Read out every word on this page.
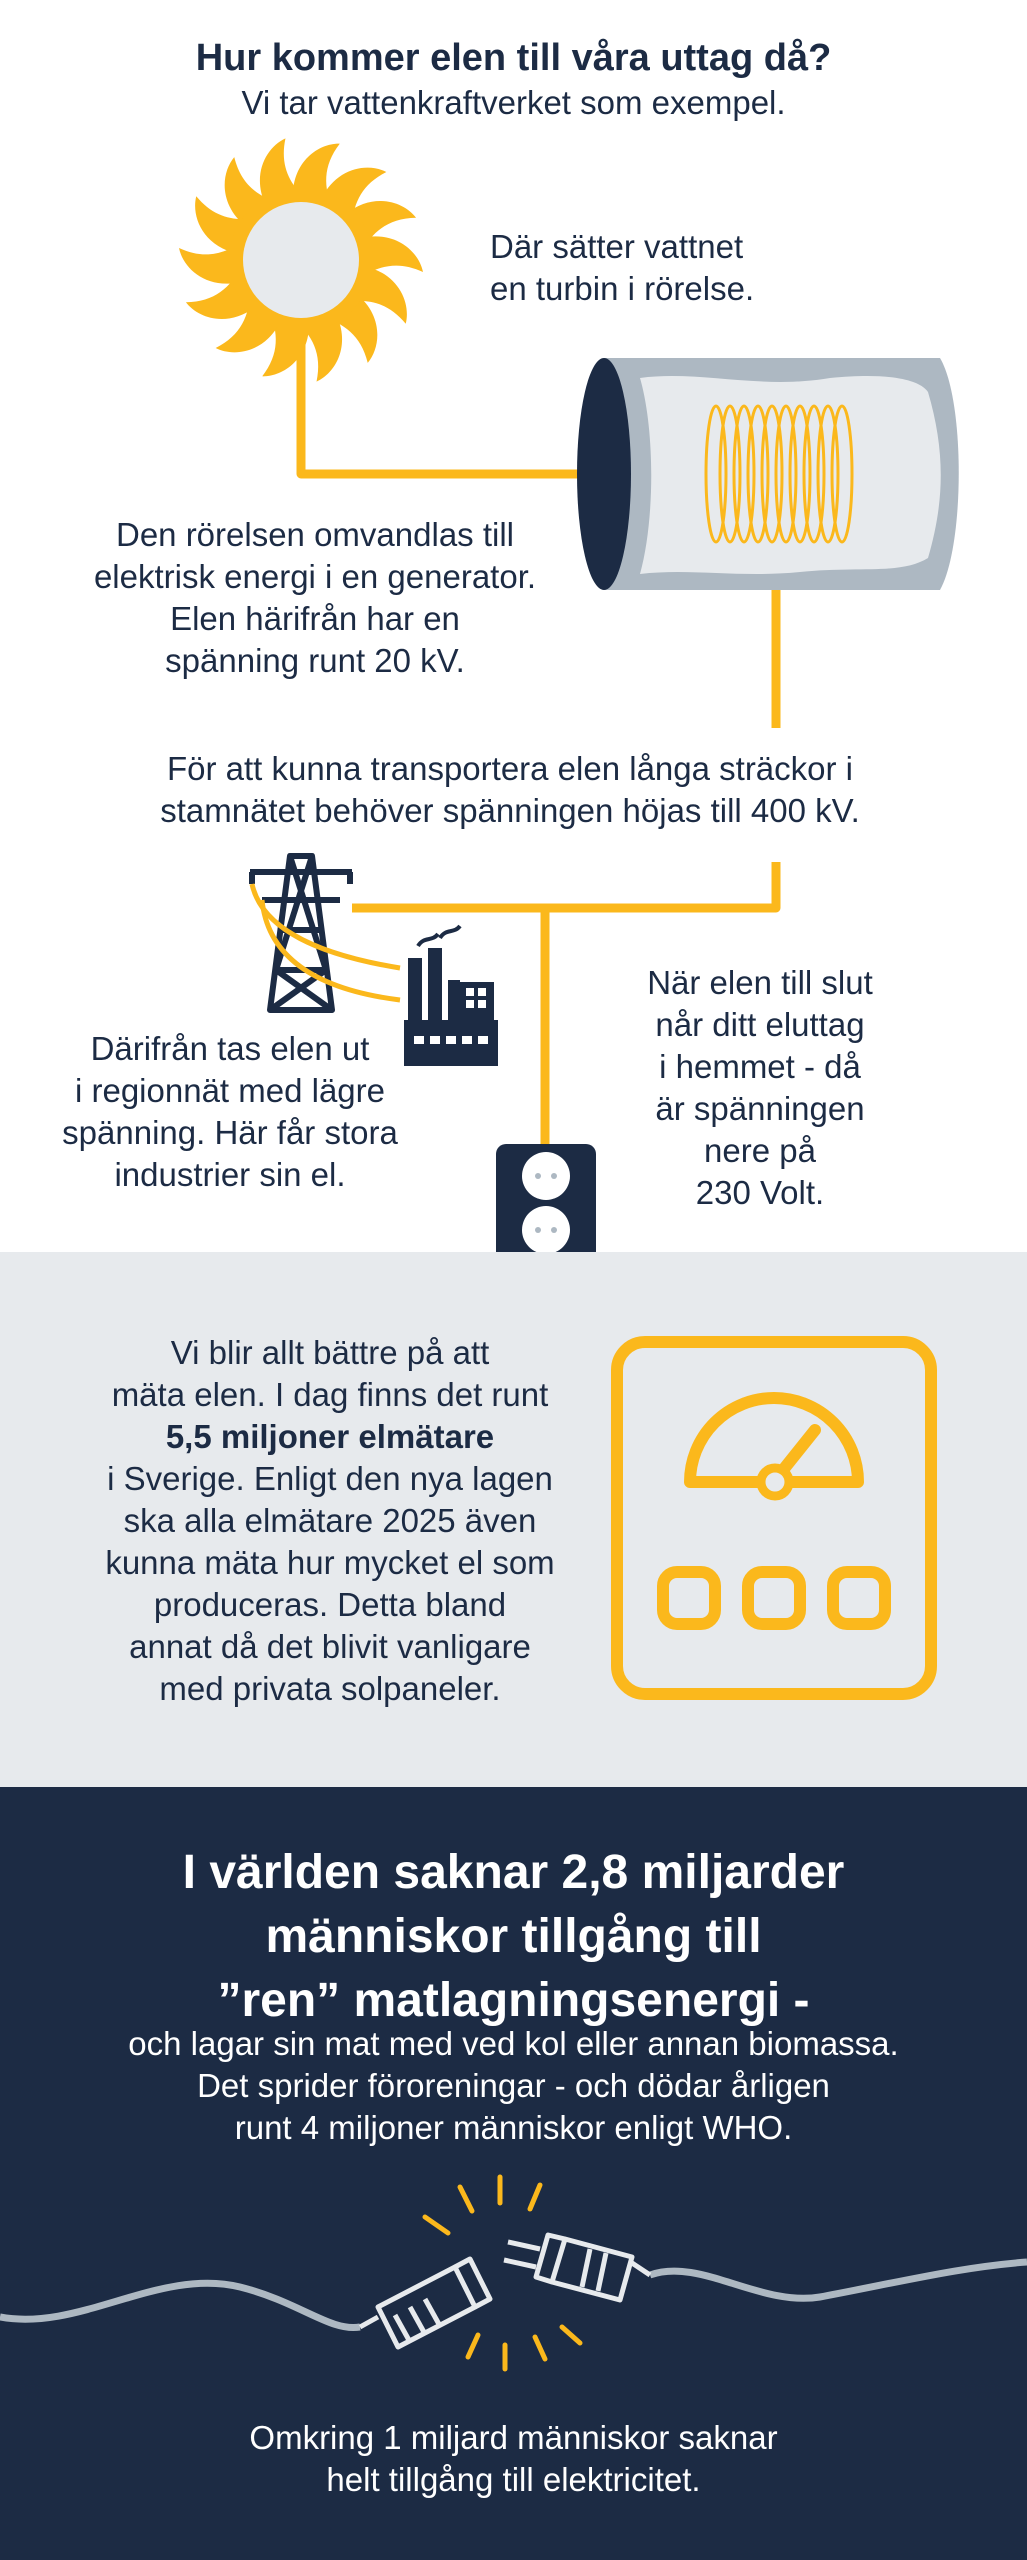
Hur kommer elen till våra uttag då?
Vi tar vattenkraftverket som exempel.
Där sätter vattnet
en turbin i rörelse.
Den rörelsen omvandlas till
elektrisk energi i en generator.
Elen härifrån har en
spänning runt 20 kV.
För att kunna transportera elen långa sträckor i
stamnätet behöver spänningen höjas till 400 kV.
Därifrån tas elen ut
i regionnät med lägre
spänning. Här får stora
industrier sin el.
När elen till slut
når ditt eluttag
i hemmet - då
är spänningen
nere på
230 Volt.
Vi blir allt bättre på att
mäta elen. I dag finns det runt
5,5 miljoner elmätare
i Sverige. Enligt den nya lagen
ska alla elmätare 2025 även
kunna mäta hur mycket el som
produceras. Detta bland
annat då det blivit vanligare
med privata solpaneler.
I världen saknar 2,8 miljarder
människor tillgång till
”ren” matlagningsenergi -
och lagar sin mat med ved kol eller annan biomassa.
Det sprider föroreningar - och dödar årligen
runt 4 miljoner människor enligt WHO.
Omkring 1 miljard människor saknar
helt tillgång till elektricitet.
